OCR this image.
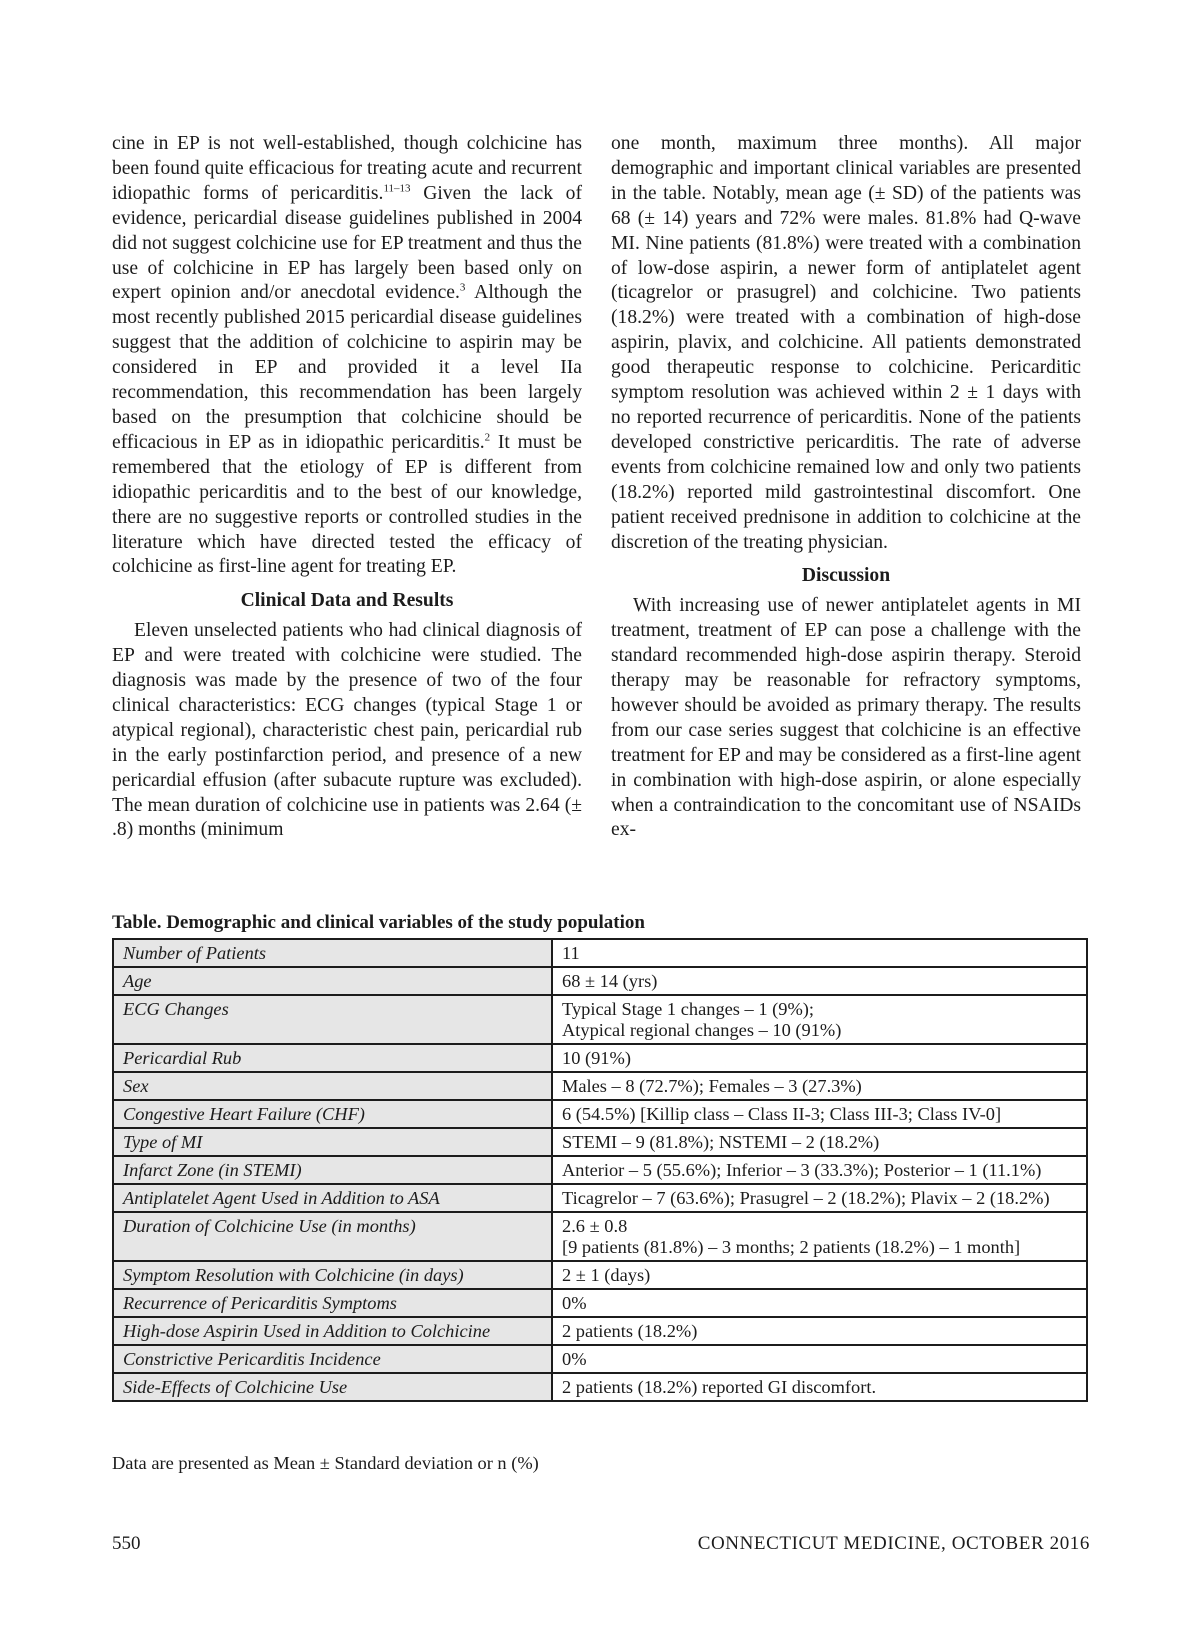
cine in EP is not well-established, though colchicine has been found quite efficacious for treating acute and recurrent idiopathic forms of pericarditis.$^{11-13}$ Given the lack of evidence, pericardial disease guidelines published in 2004 did not suggest colchicine use for EP treatment and thus the use of colchicine in EP has largely been based only on expert opinion and/or anecdotal evidence.$^3$ Although the most recently published 2015 pericardial disease guidelines suggest that the addition of colchicine to aspirin may be considered in EP and provided it a level IIa recommendation, this recommendation has been largely based on the presumption that colchicine should be efficacious in EP as in idiopathic pericarditis.$^2$ It must be remembered that the etiology of EP is different from idiopathic pericarditis and to the best of our knowledge, there are no suggestive reports or controlled studies in the literature which have directed tested the efficacy of colchicine as first-line agent for treating EP.

Clinical Data and Results

Eleven unselected patients who had clinical diagnosis of EP and were treated with colchicine were studied. The diagnosis was made by the presence of two of the four clinical characteristics: ECG changes (typical Stage 1 or atypical regional), characteristic chest pain, pericardial rub in the early postinfarction period, and presence of a new pericardial effusion (after subacute rupture was excluded). The mean duration of colchicine use in patients was 2.64 (± .8) months (minimum

one month, maximum three months). All major demographic and important clinical variables are presented in the table. Notably, mean age (± SD) of the patients was 68 (± 14) years and 72% were males. 81.8% had Q-wave MI. Nine patients (81.8%) were treated with a combination of low-dose aspirin, a newer form of antiplatelet agent (ticagrelor or prasugrel) and colchicine. Two patients (18.2%) were treated with a combination of high-dose aspirin, plavix, and colchicine. All patients demonstrated good therapeutic response to colchicine. Pericarditic symptom resolution was achieved within 2 ± 1 days with no reported recurrence of pericarditis. None of the patients developed constrictive pericarditis. The rate of adverse events from colchicine remained low and only two patients (18.2%) reported mild gastrointestinal discomfort. One patient received prednisone in addition to colchicine at the discretion of the treating physician.

Discussion

With increasing use of newer antiplatelet agents in MI treatment, treatment of EP can pose a challenge with the standard recommended high-dose aspirin therapy. Steroid therapy may be reasonable for refractory symptoms, however should be avoided as primary therapy. The results from our case series suggest that colchicine is an effective treatment for EP and may be considered as a first-line agent in combination with high-dose aspirin, or alone especially when a contraindication to the concomitant use of NSAIDs ex-

Table. Demographic and clinical variables of the study population
Number of Patients	11

Age	68 ± 14 (yrs)

ECG Changes	Typical Stage 1 changes – 1 (9%);
Atypical regional changes – 10 (91%)

Pericardial Rub	10 (91%)

Sex	Males – 8 (72.7%); Females – 3 (27.3%)

Congestive Heart Failure (CHF)	6 (54.5%) [Killip class – Class II-3; Class III-3; Class IV-0]

Type of MI	STEMI – 9 (81.8%); NSTEMI – 2 (18.2%)

Infarct Zone (in STEMI)	Anterior – 5 (55.6%); Inferior – 3 (33.3%); Posterior – 1 (11.1%)

Antiplatelet Agent Used in Addition to ASA	Ticagrelor – 7 (63.6%); Prasugrel – 2 (18.2%); Plavix – 2 (18.2%)

Duration of Colchicine Use (in months)	2.6 ± 0.8
[9 patients (81.8%) – 3 months; 2 patients (18.2%) – 1 month]

Symptom Resolution with Colchicine (in days)	2 ± 1 (days)

Recurrence of Pericarditis Symptoms	0%

High-dose Aspirin Used in Addition to Colchicine	2 patients (18.2%)

Constrictive Pericarditis Incidence	0%

Side-Effects of Colchicine Use	2 patients (18.2%) reported GI discomfort.
Data are presented as Mean ± Standard deviation or n (%)
550	CONNECTICUT MEDICINE, OCTOBER 2016
